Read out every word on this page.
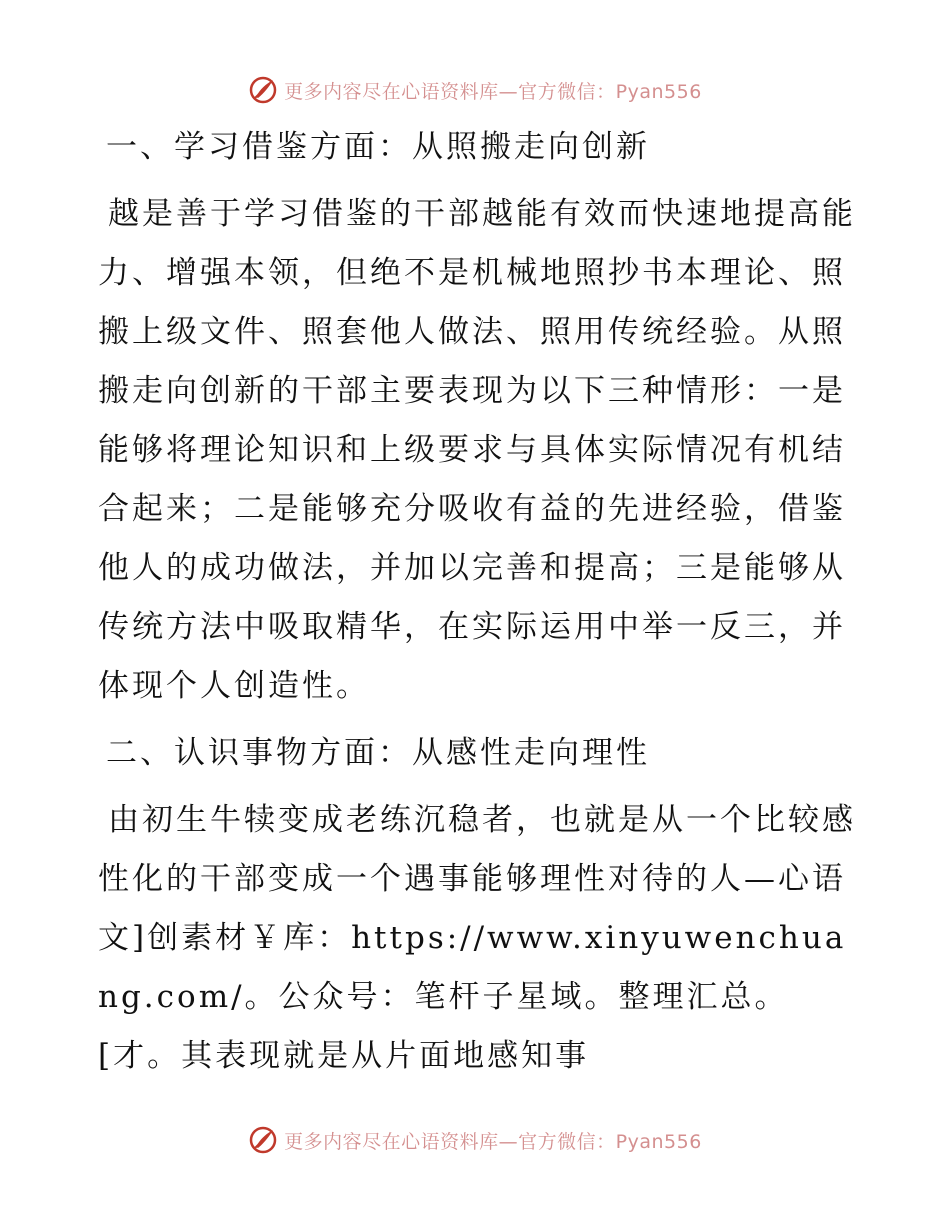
更多内容尽在心语资料库—官方微信：Pyan556

一、学习借鉴方面：从照搬走向创新

越是善于学习借鉴的干部越能有效而快速地提高能力、增强本领，但绝不是机械地照抄书本理论、照搬上级文件、照套他人做法、照用传统经验。从照搬走向创新的干部主要表现为以下三种情形：一是能够将理论知识和上级要求与具体实际情况有机结合起来；二是能够充分吸收有益的先进经验，借鉴他人的成功做法，并加以完善和提高；三是能够从传统方法中吸取精华，在实际运用中举一反三，并体现个人创造性。

二、认识事物方面：从感性走向理性

由初生牛犊变成老练沉稳者，也就是从一个比较感性化的干部变成一个遇事能够理性对待的人—心语文]创素材￥库：https://www.xinyuwenchuang.com/。公众号：笔杆子星域。整理汇总。[才。其表现就是从片面地感知事

更多内容尽在心语资料库—官方微信：Pyan556
